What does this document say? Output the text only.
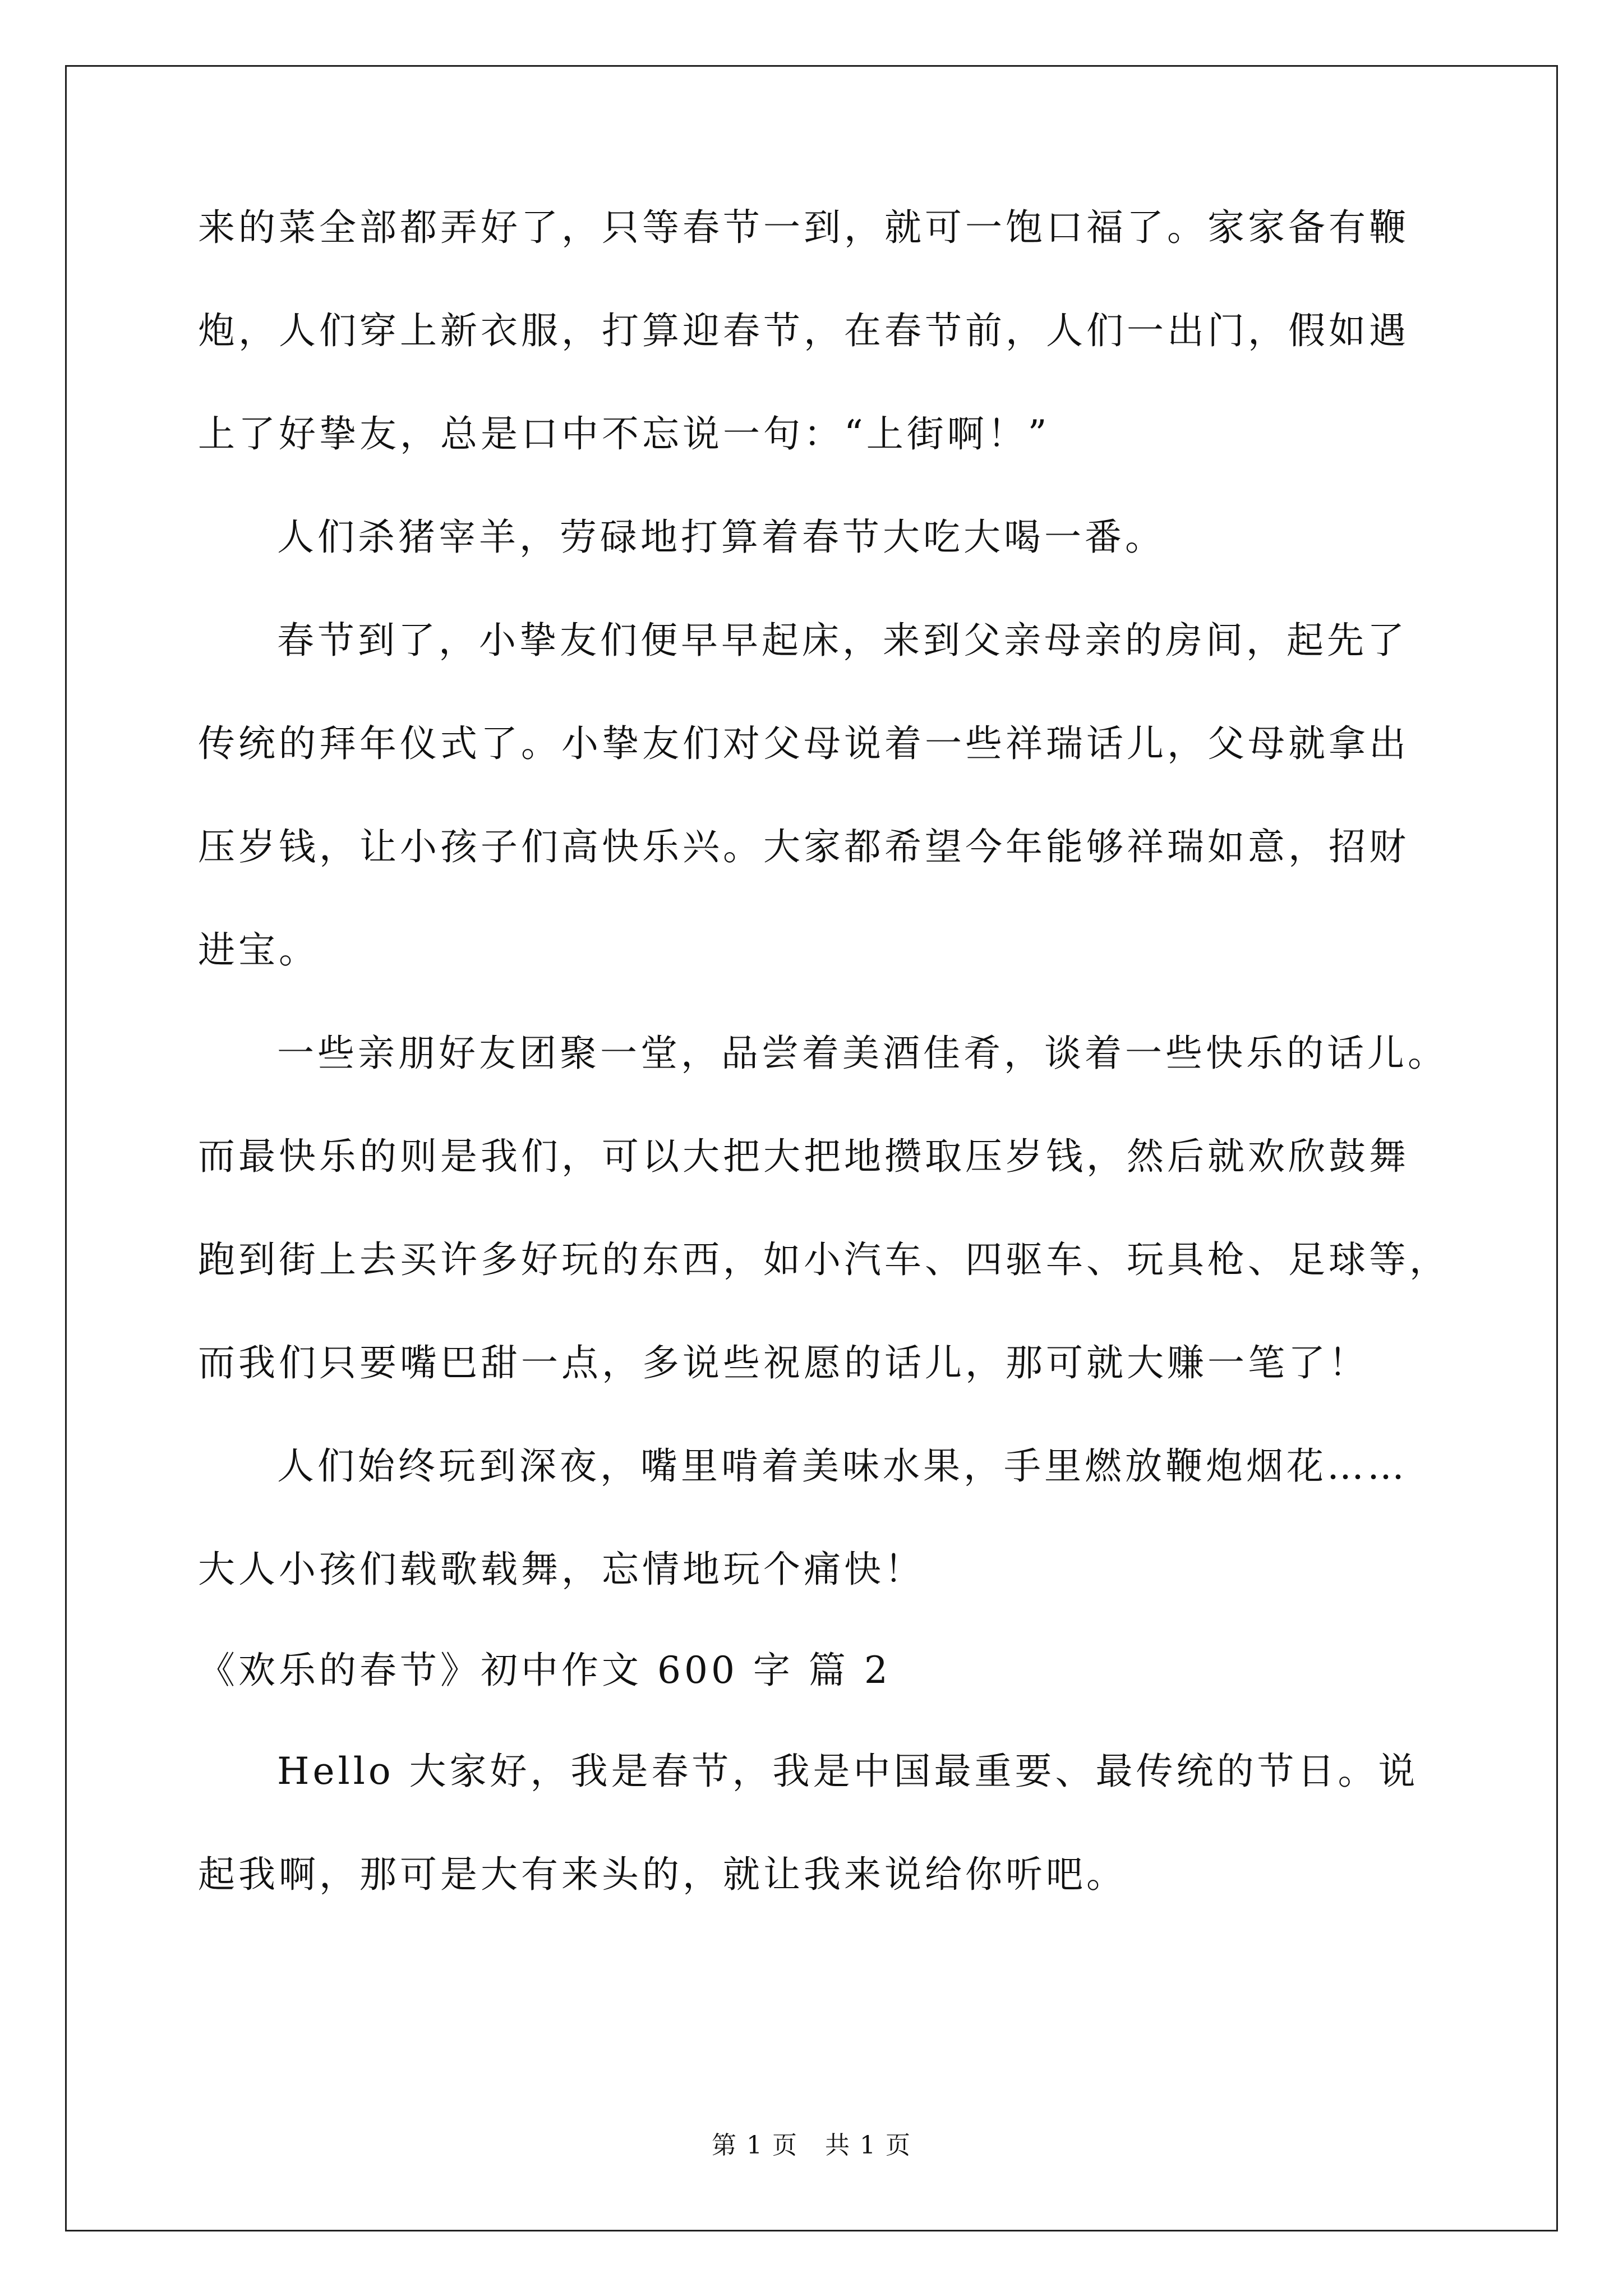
来的菜全部都弄好了，只等春节一到，就可一饱口福了。家家备有鞭
炮，人们穿上新衣服，打算迎春节，在春节前，人们一出门，假如遇
上了好挚友，总是口中不忘说一句：“上街啊！”
人们杀猪宰羊，劳碌地打算着春节大吃大喝一番。
春节到了，小挚友们便早早起床，来到父亲母亲的房间，起先了
传统的拜年仪式了。小挚友们对父母说着一些祥瑞话儿，父母就拿出
压岁钱，让小孩子们高快乐兴。大家都希望今年能够祥瑞如意，招财
进宝。
一些亲朋好友团聚一堂，品尝着美酒佳肴，谈着一些快乐的话儿。
而最快乐的则是我们，可以大把大把地攒取压岁钱，然后就欢欣鼓舞
跑到街上去买许多好玩的东西，如小汽车、四驱车、玩具枪、足球等，
而我们只要嘴巴甜一点，多说些祝愿的话儿，那可就大赚一笔了！
人们始终玩到深夜，嘴里啃着美味水果，手里燃放鞭炮烟花……
大人小孩们载歌载舞，忘情地玩个痛快！
《欢乐的春节》初中作文 600 字 篇 2
Hello 大家好，我是春节，我是中国最重要、最传统的节日。说
起我啊，那可是大有来头的，就让我来说给你听吧。
第 1 页   共 1 页
